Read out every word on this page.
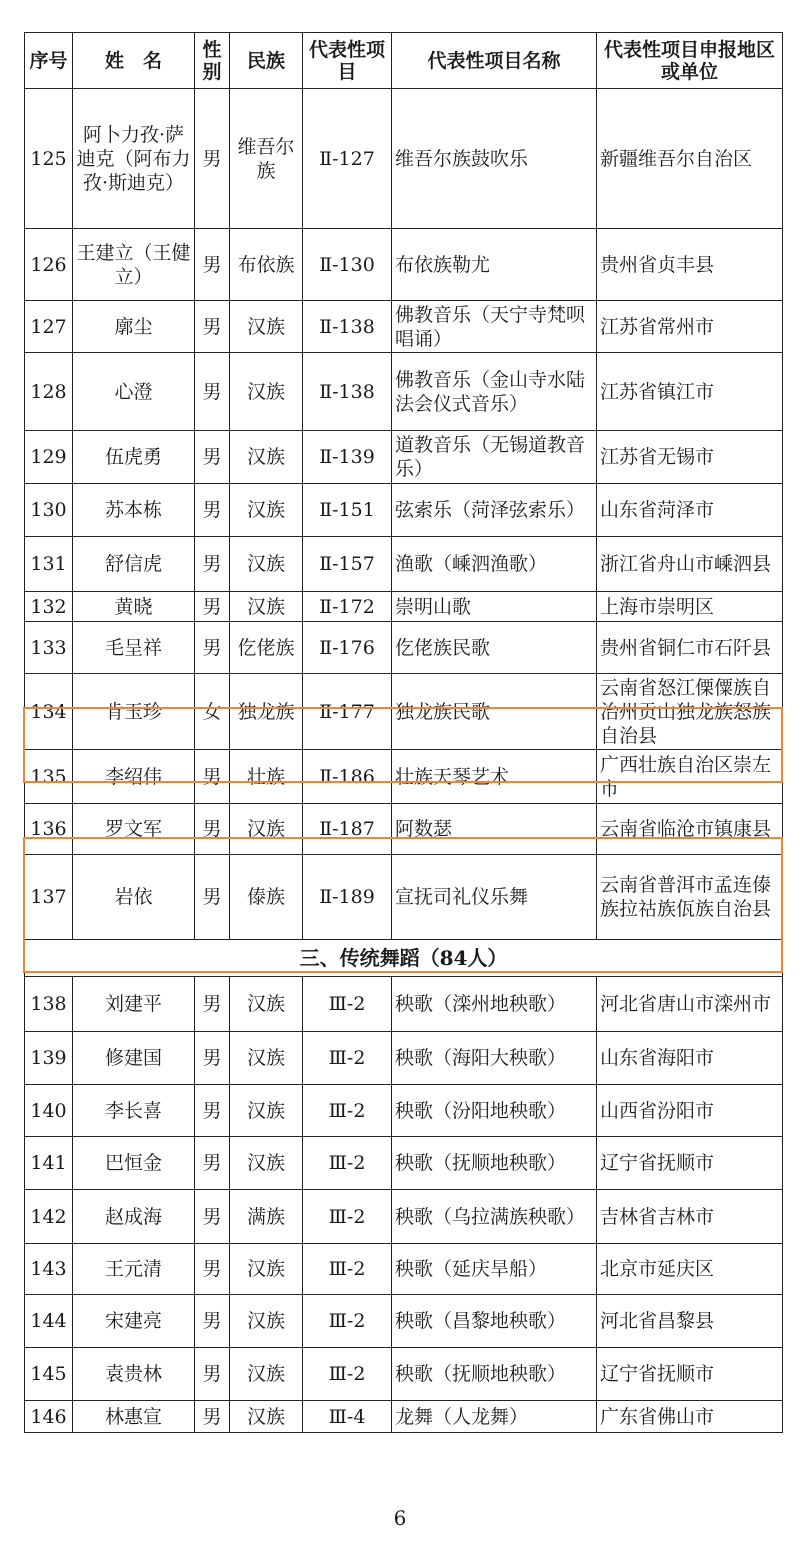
序号	姓　名	性别	民族	代表性项目	代表性项目名称	代表性项目申报地区或单位
125	阿卜力孜·萨迪克（阿布力孜·斯迪克）	男	维吾尔族	Ⅱ-127	维吾尔族鼓吹乐	新疆维吾尔自治区
126	王建立（王健立）	男	布依族	Ⅱ-130	布依族勒尤	贵州省贞丰县
127	廓尘	男	汉族	Ⅱ-138	佛教音乐（天宁寺梵呗唱诵）	江苏省常州市
128	心澄	男	汉族	Ⅱ-138	佛教音乐（金山寺水陆法会仪式音乐）	江苏省镇江市
129	伍虎勇	男	汉族	Ⅱ-139	道教音乐（无锡道教音乐）	江苏省无锡市
130	苏本栋	男	汉族	Ⅱ-151	弦索乐（菏泽弦索乐）	山东省菏泽市
131	舒信虎	男	汉族	Ⅱ-157	渔歌（嵊泗渔歌）	浙江省舟山市嵊泗县
132	黄晓	男	汉族	Ⅱ-172	崇明山歌	上海市崇明区
133	毛呈祥	男	仡佬族	Ⅱ-176	仡佬族民歌	贵州省铜仁市石阡县
134	肯玉珍	女	独龙族	Ⅱ-177	独龙族民歌	云南省怒江傈僳族自治州贡山独龙族怒族自治县
135	李绍伟	男	壮族	Ⅱ-186	壮族天琴艺术	广西壮族自治区崇左市
136	罗文军	男	汉族	Ⅱ-187	阿数瑟	云南省临沧市镇康县
137	岩依	男	傣族	Ⅱ-189	宣抚司礼仪乐舞	云南省普洱市孟连傣族拉祜族佤族自治县
三、传统舞蹈（84人）						
138	刘建平	男	汉族	Ⅲ-2	秧歌（滦州地秧歌）	河北省唐山市滦州市
139	修建国	男	汉族	Ⅲ-2	秧歌（海阳大秧歌）	山东省海阳市
140	李长喜	男	汉族	Ⅲ-2	秧歌（汾阳地秧歌）	山西省汾阳市
141	巴恒金	男	汉族	Ⅲ-2	秧歌（抚顺地秧歌）	辽宁省抚顺市
142	赵成海	男	满族	Ⅲ-2	秧歌（乌拉满族秧歌）	吉林省吉林市
143	王元清	男	汉族	Ⅲ-2	秧歌（延庆旱船）	北京市延庆区
144	宋建亮	男	汉族	Ⅲ-2	秧歌（昌黎地秧歌）	河北省昌黎县
145	袁贵林	男	汉族	Ⅲ-2	秧歌（抚顺地秧歌）	辽宁省抚顺市
146	林惠宣	男	汉族	Ⅲ-4	龙舞（人龙舞）	广东省佛山市
6
